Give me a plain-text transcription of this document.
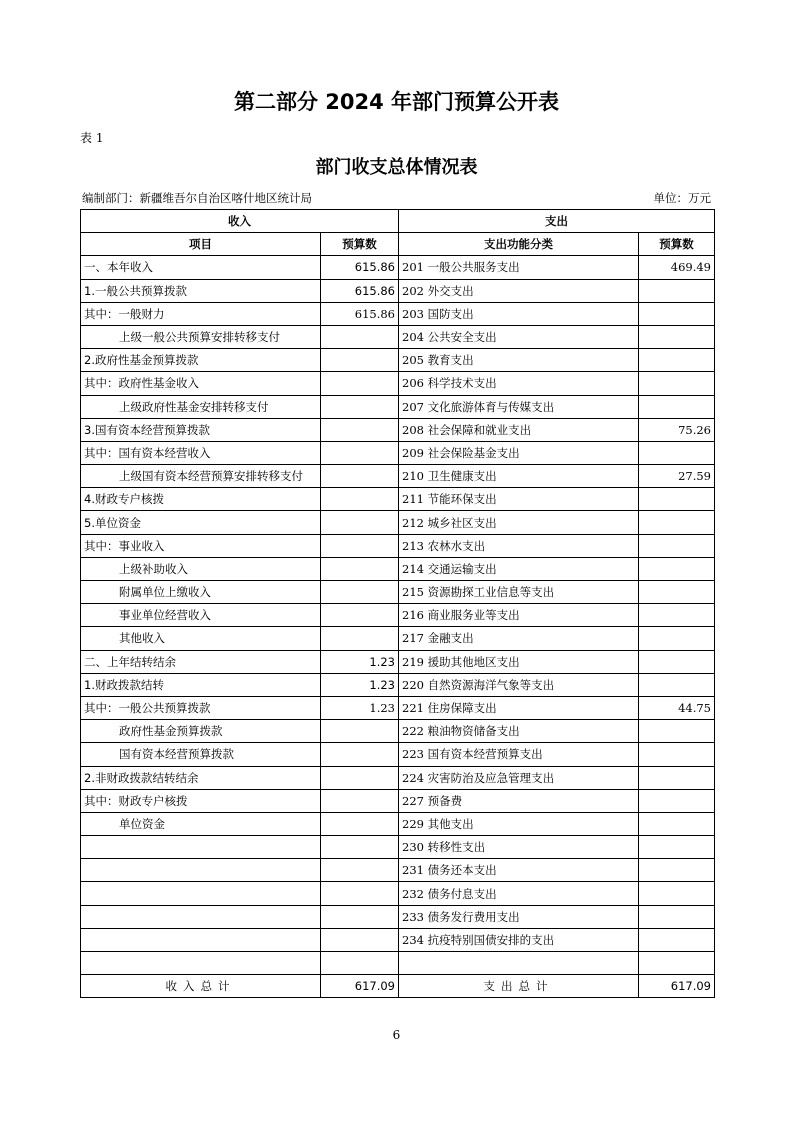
第二部分 2024 年部门预算公开表
表 1
部门收支总体情况表
编制部门：新疆维吾尔自治区喀什地区统计局	单位：万元
收入		支出	
项目	预算数	支出功能分类	预算数
一、本年收入	615.86	201 一般公共服务支出	469.49
1.一般公共预算拨款	615.86	202 外交支出	
其中：一般财力	615.86	203 国防支出	
上级一般公共预算安排转移支付		204 公共安全支出	
2.政府性基金预算拨款		205 教育支出	
其中：政府性基金收入		206 科学技术支出	
上级政府性基金安排转移支付		207 文化旅游体育与传媒支出	
3.国有资本经营预算拨款		208 社会保障和就业支出	75.26
其中：国有资本经营收入		209 社会保险基金支出	
上级国有资本经营预算安排转移支付		210 卫生健康支出	27.59
4.财政专户核拨		211 节能环保支出	
5.单位资金		212 城乡社区支出	
其中：事业收入		213 农林水支出	
上级补助收入		214 交通运输支出	
附属单位上缴收入		215 资源勘探工业信息等支出	
事业单位经营收入		216 商业服务业等支出	
其他收入		217 金融支出	
二、上年结转结余	1.23	219 援助其他地区支出	
1.财政拨款结转	1.23	220 自然资源海洋气象等支出	
其中：一般公共预算拨款	1.23	221 住房保障支出	44.75
政府性基金预算拨款		222 粮油物资储备支出	
国有资本经营预算拨款		223 国有资本经营预算支出	
2.非财政拨款结转结余		224 灾害防治及应急管理支出	
其中：财政专户核拨		227 预备费	
单位资金		229 其他支出	
		230 转移性支出	
		231 债务还本支出	
		232 债务付息支出	
		233 债务发行费用支出	
		234 抗疫特别国债安排的支出	

收入总计	617.09	支出总计	617.09
6
